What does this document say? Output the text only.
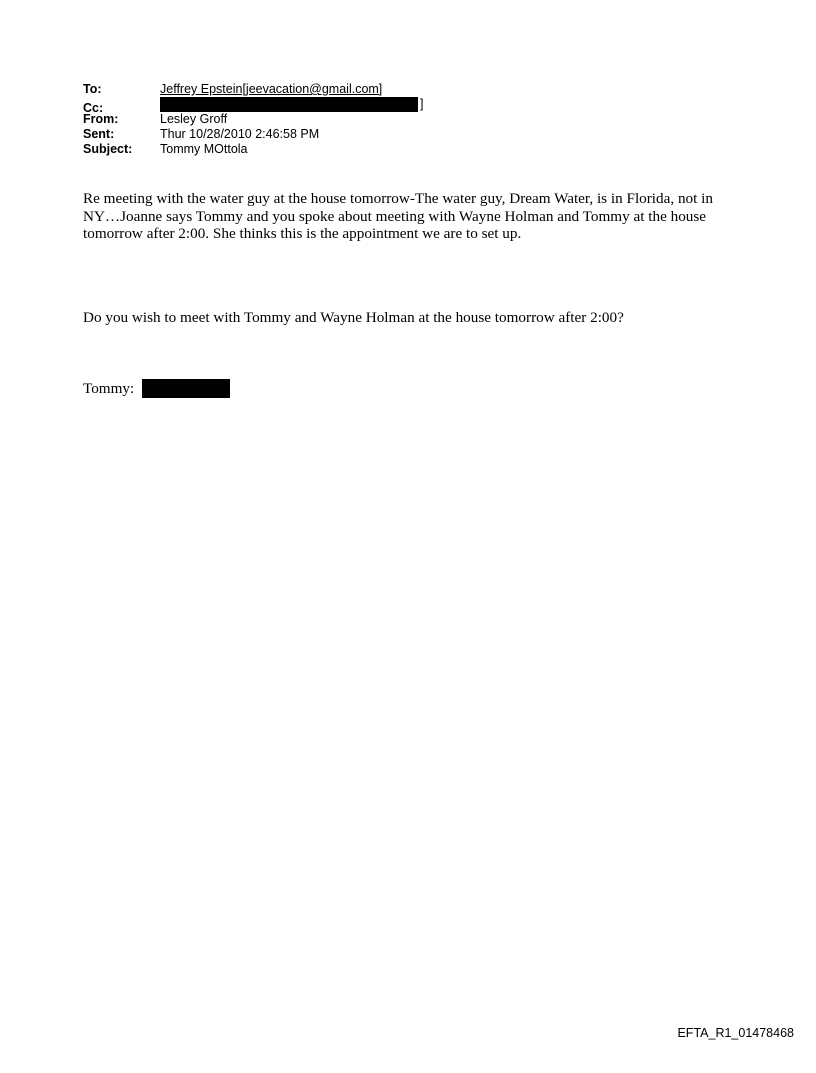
To:	Jeffrey Epstein[jeevacation@gmail.com]
Cc:	]
From:	Lesley Groff
Sent:	Thur 10/28/2010 2:46:58 PM
Subject:	Tommy MOttola

Re meeting with the water guy at the house tomorrow-The water guy, Dream Water, is in Florida, not in NY…Joanne says Tommy and you spoke about meeting with Wayne Holman and Tommy at the house tomorrow after 2:00. She thinks this is the appointment we are to set up.

Do you wish to meet with Tommy and Wayne Holman at the house tomorrow after 2:00?

Tommy:
EFTA_R1_01478468
